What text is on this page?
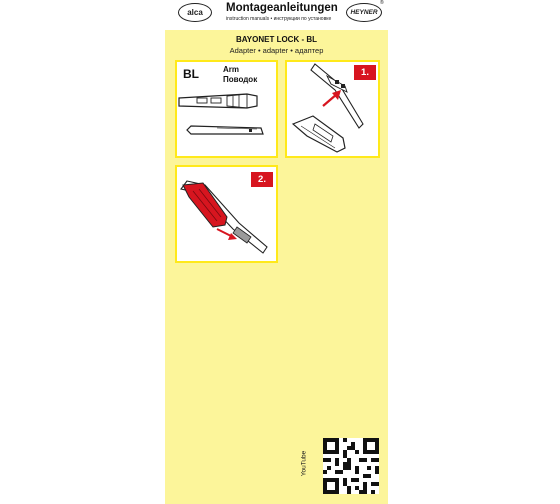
alca	Montageanleitungen
instruction manuals • инструкции по установке
HEYNER
®
BAYONET LOCK - BL
Adapter • adapter • адаптер
BL	Arm
Поводок
1.
2.
YouTube
